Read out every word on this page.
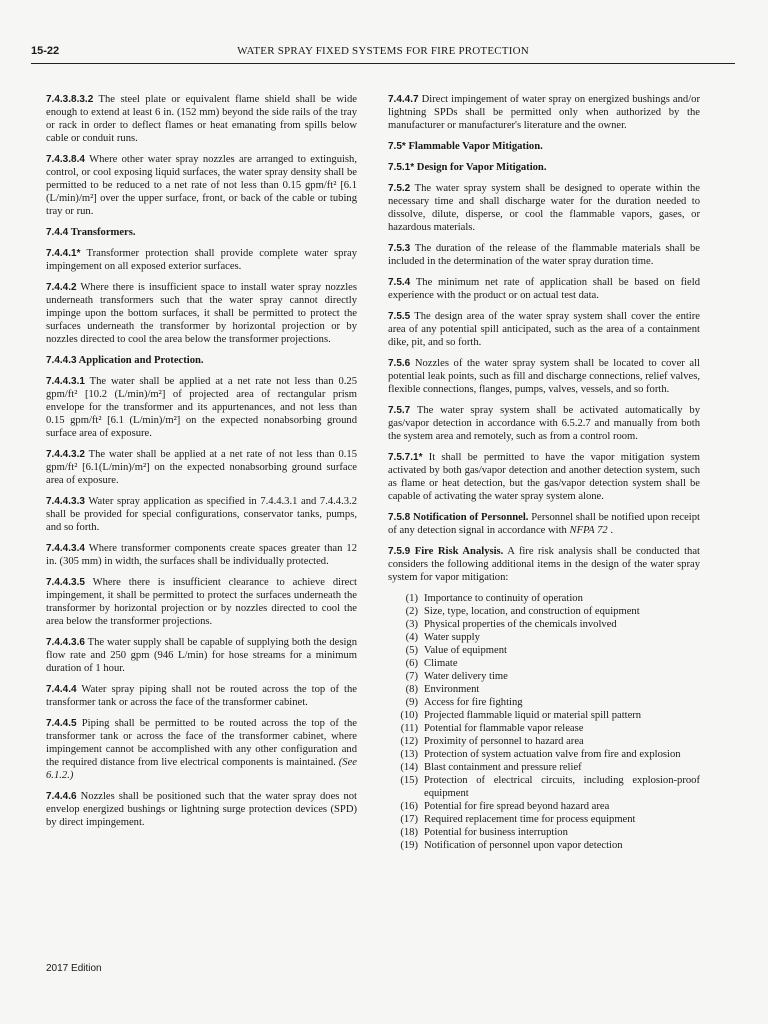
15-22	WATER SPRAY FIXED SYSTEMS FOR FIRE PROTECTION

7.4.3.8.3.2 The steel plate or equivalent flame shield shall be wide enough to extend at least 6 in. (152 mm) beyond the side rails of the tray or rack in order to deflect flames or heat emanating from spills below cable or conduit runs.

7.4.3.8.4 Where other water spray nozzles are arranged to extinguish, control, or cool exposing liquid surfaces, the water spray density shall be permitted to be reduced to a net rate of not less than 0.15 gpm/ft² [6.1 (L/min)/m²] over the upper surface, front, or back of the cable or tubing tray or run.

7.4.4 Transformers.

7.4.4.1* Transformer protection shall provide complete water spray impingement on all exposed exterior surfaces.

7.4.4.2 Where there is insufficient space to install water spray nozzles underneath transformers such that the water spray cannot directly impinge upon the bottom surfaces, it shall be permitted to protect the surfaces underneath the transformer by horizontal projection or by nozzles directed to cool the area below the transformer projections.

7.4.4.3 Application and Protection.

7.4.4.3.1 The water shall be applied at a net rate not less than 0.25 gpm/ft² [10.2 (L/min)/m²] of projected area of rectangular prism envelope for the transformer and its appurtenances, and not less than 0.15 gpm/ft² [6.1 (L/min)/m²] on the expected nonabsorbing ground surface area of exposure.

7.4.4.3.2 The water shall be applied at a net rate of not less than 0.15 gpm/ft² [6.1(L/min)/m²] on the expected nonabsorbing ground surface area of exposure.

7.4.4.3.3 Water spray application as specified in 7.4.4.3.1 and 7.4.4.3.2 shall be provided for special configurations, conservator tanks, pumps, and so forth.

7.4.4.3.4 Where transformer components create spaces greater than 12 in. (305 mm) in width, the surfaces shall be individually protected.

7.4.4.3.5 Where there is insufficient clearance to achieve direct impingement, it shall be permitted to protect the surfaces underneath the transformer by horizontal projection or by nozzles directed to cool the area below the transformer projections.

7.4.4.3.6 The water supply shall be capable of supplying both the design flow rate and 250 gpm (946 L/min) for hose streams for a minimum duration of 1 hour.

7.4.4.4 Water spray piping shall not be routed across the top of the transformer tank or across the face of the transformer cabinet.

7.4.4.5 Piping shall be permitted to be routed across the top of the transformer tank or across the face of the transformer cabinet, where impingement cannot be accomplished with any other configuration and the required distance from live electrical components is maintained. (See 6.1.2.)

7.4.4.6 Nozzles shall be positioned such that the water spray does not envelop energized bushings or lightning surge protection devices (SPD) by direct impingement.

7.4.4.7 Direct impingement of water spray on energized bushings and/or lightning SPDs shall be permitted only when authorized by the manufacturer or manufacturer's literature and the owner.

7.5* Flammable Vapor Mitigation.

7.5.1* Design for Vapor Mitigation.

7.5.2 The water spray system shall be designed to operate within the necessary time and shall discharge water for the duration needed to dissolve, dilute, disperse, or cool the flammable vapors, gases, or hazardous materials.

7.5.3 The duration of the release of the flammable materials shall be included in the determination of the water spray duration time.

7.5.4 The minimum net rate of application shall be based on field experience with the product or on actual test data.

7.5.5 The design area of the water spray system shall cover the entire area of any potential spill anticipated, such as the area of a containment dike, pit, and so forth.

7.5.6 Nozzles of the water spray system shall be located to cover all potential leak points, such as fill and discharge connections, relief valves, flexible connections, flanges, pumps, valves, vessels, and so forth.

7.5.7 The water spray system shall be activated automatically by gas/vapor detection in accordance with 6.5.2.7 and manually from both the system area and remotely, such as from a control room.

7.5.7.1* It shall be permitted to have the vapor mitigation system activated by both gas/vapor detection and another detection system, such as flame or heat detection, but the gas/vapor detection system shall be capable of activating the water spray system alone.

7.5.8 Notification of Personnel. Personnel shall be notified upon receipt of any detection signal in accordance with NFPA 72 .

7.5.9 Fire Risk Analysis. A fire risk analysis shall be conducted that considers the following additional items in the design of the water spray system for vapor mitigation:

(1) Importance to continuity of operation
(2) Size, type, location, and construction of equipment
(3) Physical properties of the chemicals involved
(4) Water supply
(5) Value of equipment
(6) Climate
(7) Water delivery time
(8) Environment
(9) Access for fire fighting
(10) Projected flammable liquid or material spill pattern
(11) Potential for flammable vapor release
(12) Proximity of personnel to hazard area
(13) Protection of system actuation valve from fire and explosion
(14) Blast containment and pressure relief
(15) Protection of electrical circuits, including explosion-proof equipment
(16) Potential for fire spread beyond hazard area
(17) Required replacement time for process equipment
(18) Potential for business interruption
(19) Notification of personnel upon vapor detection
2017 Edition
